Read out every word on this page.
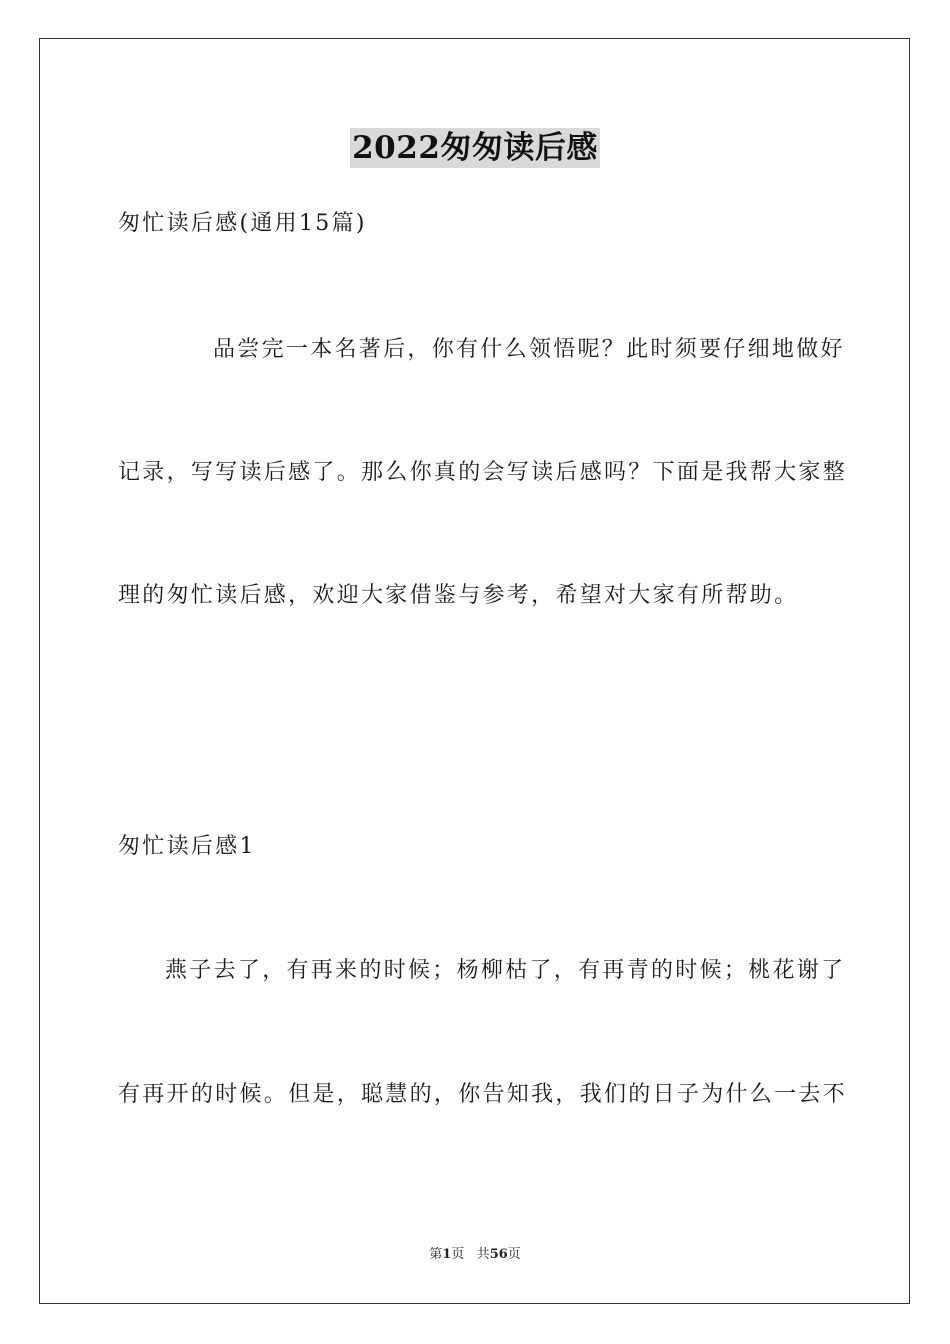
2022匆匆读后感
匆忙读后感(通用15篇)
品尝完一本名著后，你有什么领悟呢？此时须要仔细地做好
记录，写写读后感了。那么你真的会写读后感吗？下面是我帮大家整
理的匆忙读后感，欢迎大家借鉴与参考，希望对大家有所帮助。
匆忙读后感1
燕子去了，有再来的时候；杨柳枯了，有再青的时候；桃花谢了
有再开的时候。但是，聪慧的，你告知我，我们的日子为什么一去不
第1页 共56页
